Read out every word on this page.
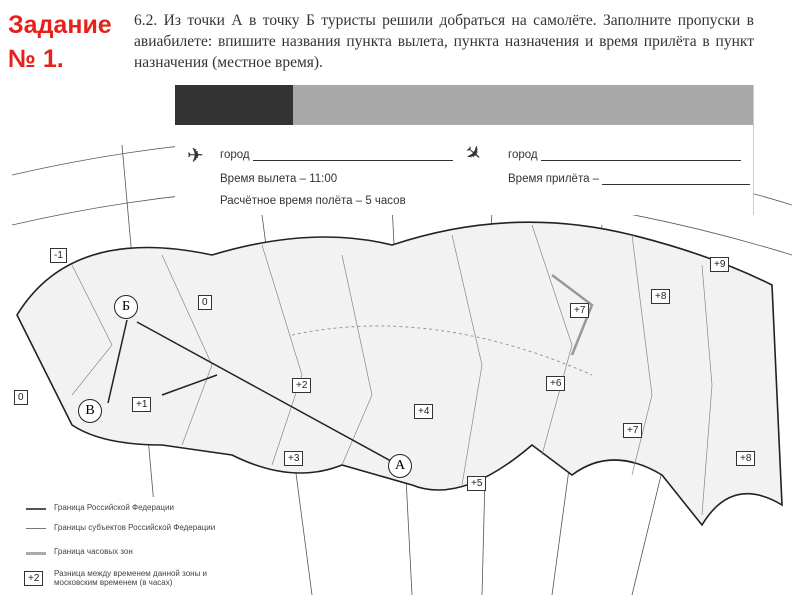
Задание № 1.
6.2. Из точки А в точку Б туристы решили добраться на самолёте. Заполните пропуски в авиабилете: впишите названия пункта вылета, пункта назначения и время прилёта в пункт назначения (местное время).
-1
0
0
+1
+2
+3
+4
+5
+6
+7
+7
+8
+9
+8
Б
В
А
✈ город	✈ город
Время вылета – 11:00	Время прилёта –
Расчётное время полёта – 5 часов
Граница Российской Федерации
Границы субъектов Российской Федерации
Граница часовых зон
+2	Разница между временем данной зоны и московским временем (в часах)
